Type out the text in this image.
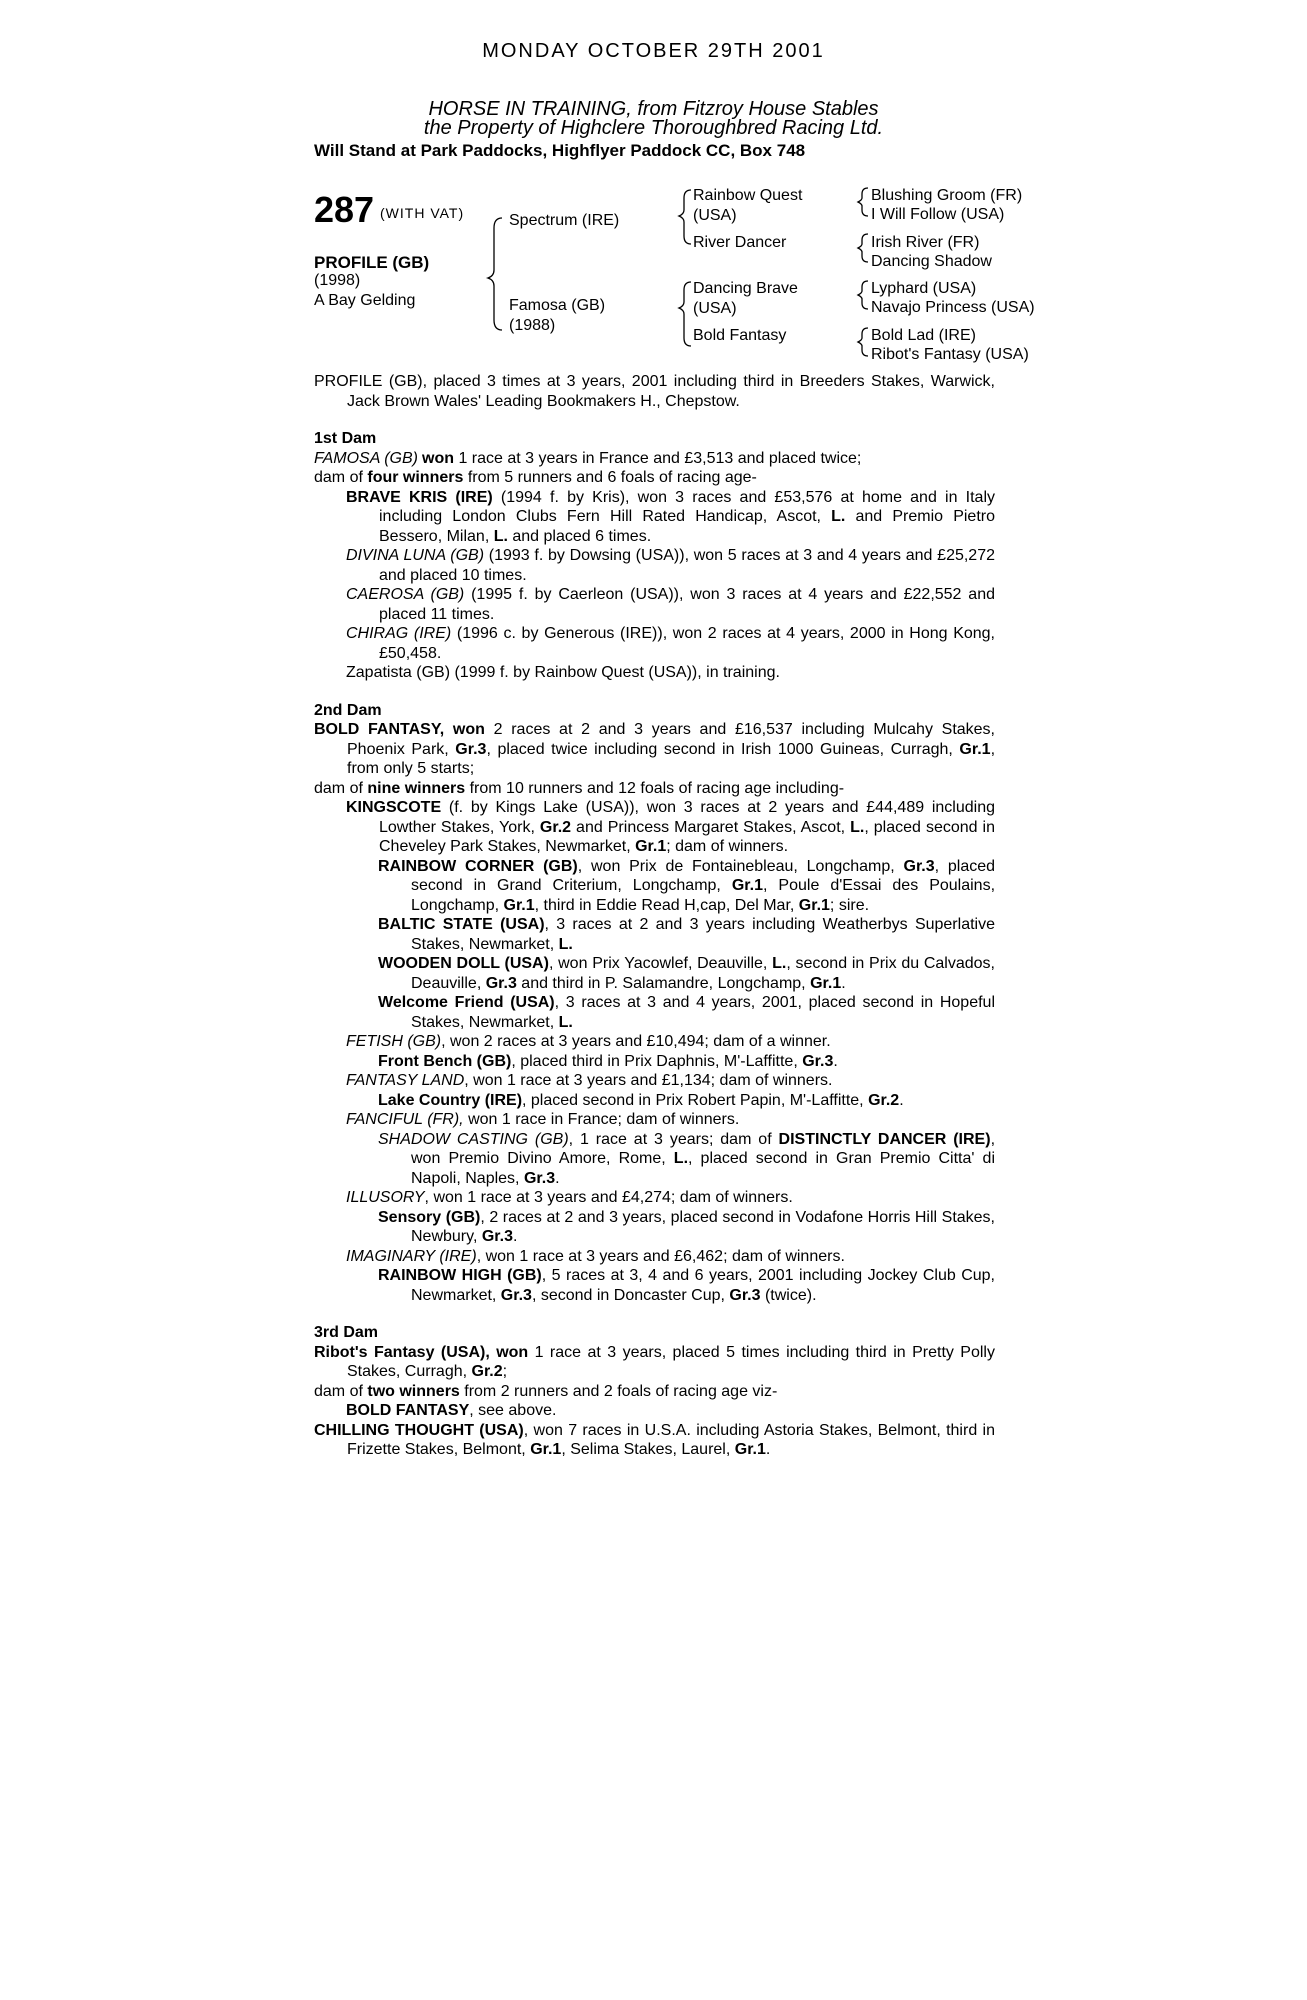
MONDAY OCTOBER 29TH 2001
HORSE IN TRAINING, from Fitzroy House Stables
the Property of Highclere Thoroughbred Racing Ltd.
Will Stand at Park Paddocks, Highflyer Paddock CC, Box 748
287 (WITH VAT)
PROFILE (GB)
(1998)
A Bay Gelding
Spectrum (IRE)
Famosa (GB)
(1988)
Rainbow Quest
(USA)
River Dancer
Dancing Brave
(USA)
Bold Fantasy
Blushing Groom (FR)
I Will Follow (USA)
Irish River (FR)
Dancing Shadow
Lyphard (USA)
Navajo Princess (USA)
Bold Lad (IRE)
Ribot's Fantasy (USA)

PROFILE (GB), placed 3 times at 3 years, 2001 including third in Breeders Stakes, Warwick, Jack Brown Wales' Leading Bookmakers H., Chepstow.

1st Dam

FAMOSA (GB) won 1 race at 3 years in France and £3,513 and placed twice;

dam of four winners from 5 runners and 6 foals of racing age-

BRAVE KRIS (IRE) (1994 f. by Kris), won 3 races and £53,576 at home and in Italy including London Clubs Fern Hill Rated Handicap, Ascot, L. and Premio Pietro Bessero, Milan, L. and placed 6 times.

DIVINA LUNA (GB) (1993 f. by Dowsing (USA)), won 5 races at 3 and 4 years and £25,272 and placed 10 times.

CAEROSA (GB) (1995 f. by Caerleon (USA)), won 3 races at 4 years and £22,552 and placed 11 times.

CHIRAG (IRE) (1996 c. by Generous (IRE)), won 2 races at 4 years, 2000 in Hong Kong, £50,458.

Zapatista (GB) (1999 f. by Rainbow Quest (USA)), in training.

2nd Dam

BOLD FANTASY, won 2 races at 2 and 3 years and £16,537 including Mulcahy Stakes, Phoenix Park, Gr.3, placed twice including second in Irish 1000 Guineas, Curragh, Gr.1, from only 5 starts;

dam of nine winners from 10 runners and 12 foals of racing age including-

KINGSCOTE (f. by Kings Lake (USA)), won 3 races at 2 years and £44,489 including Lowther Stakes, York, Gr.2 and Princess Margaret Stakes, Ascot, L., placed second in Cheveley Park Stakes, Newmarket, Gr.1; dam of winners.

RAINBOW CORNER (GB), won Prix de Fontainebleau, Longchamp, Gr.3, placed second in Grand Criterium, Longchamp, Gr.1, Poule d'Essai des Poulains, Longchamp, Gr.1, third in Eddie Read H,cap, Del Mar, Gr.1; sire.

BALTIC STATE (USA), 3 races at 2 and 3 years including Weatherbys Superlative Stakes, Newmarket, L.

WOODEN DOLL (USA), won Prix Yacowlef, Deauville, L., second in Prix du Calvados, Deauville, Gr.3 and third in P. Salamandre, Longchamp, Gr.1.

Welcome Friend (USA), 3 races at 3 and 4 years, 2001, placed second in Hopeful Stakes, Newmarket, L.

FETISH (GB), won 2 races at 3 years and £10,494; dam of a winner.

Front Bench (GB), placed third in Prix Daphnis, M'-Laffitte, Gr.3.

FANTASY LAND, won 1 race at 3 years and £1,134; dam of winners.

Lake Country (IRE), placed second in Prix Robert Papin, M'-Laffitte, Gr.2.

FANCIFUL (FR), won 1 race in France; dam of winners.

SHADOW CASTING (GB), 1 race at 3 years; dam of DISTINCTLY DANCER (IRE), won Premio Divino Amore, Rome, L., placed second in Gran Premio Citta' di Napoli, Naples, Gr.3.

ILLUSORY, won 1 race at 3 years and £4,274; dam of winners.

Sensory (GB), 2 races at 2 and 3 years, placed second in Vodafone Horris Hill Stakes, Newbury, Gr.3.

IMAGINARY (IRE), won 1 race at 3 years and £6,462; dam of winners.

RAINBOW HIGH (GB), 5 races at 3, 4 and 6 years, 2001 including Jockey Club Cup, Newmarket, Gr.3, second in Doncaster Cup, Gr.3 (twice).

3rd Dam

Ribot's Fantasy (USA), won 1 race at 3 years, placed 5 times including third in Pretty Polly Stakes, Curragh, Gr.2;

dam of two winners from 2 runners and 2 foals of racing age viz-

BOLD FANTASY, see above.

CHILLING THOUGHT (USA), won 7 races in U.S.A. including Astoria Stakes, Belmont, third in Frizette Stakes, Belmont, Gr.1, Selima Stakes, Laurel, Gr.1.
